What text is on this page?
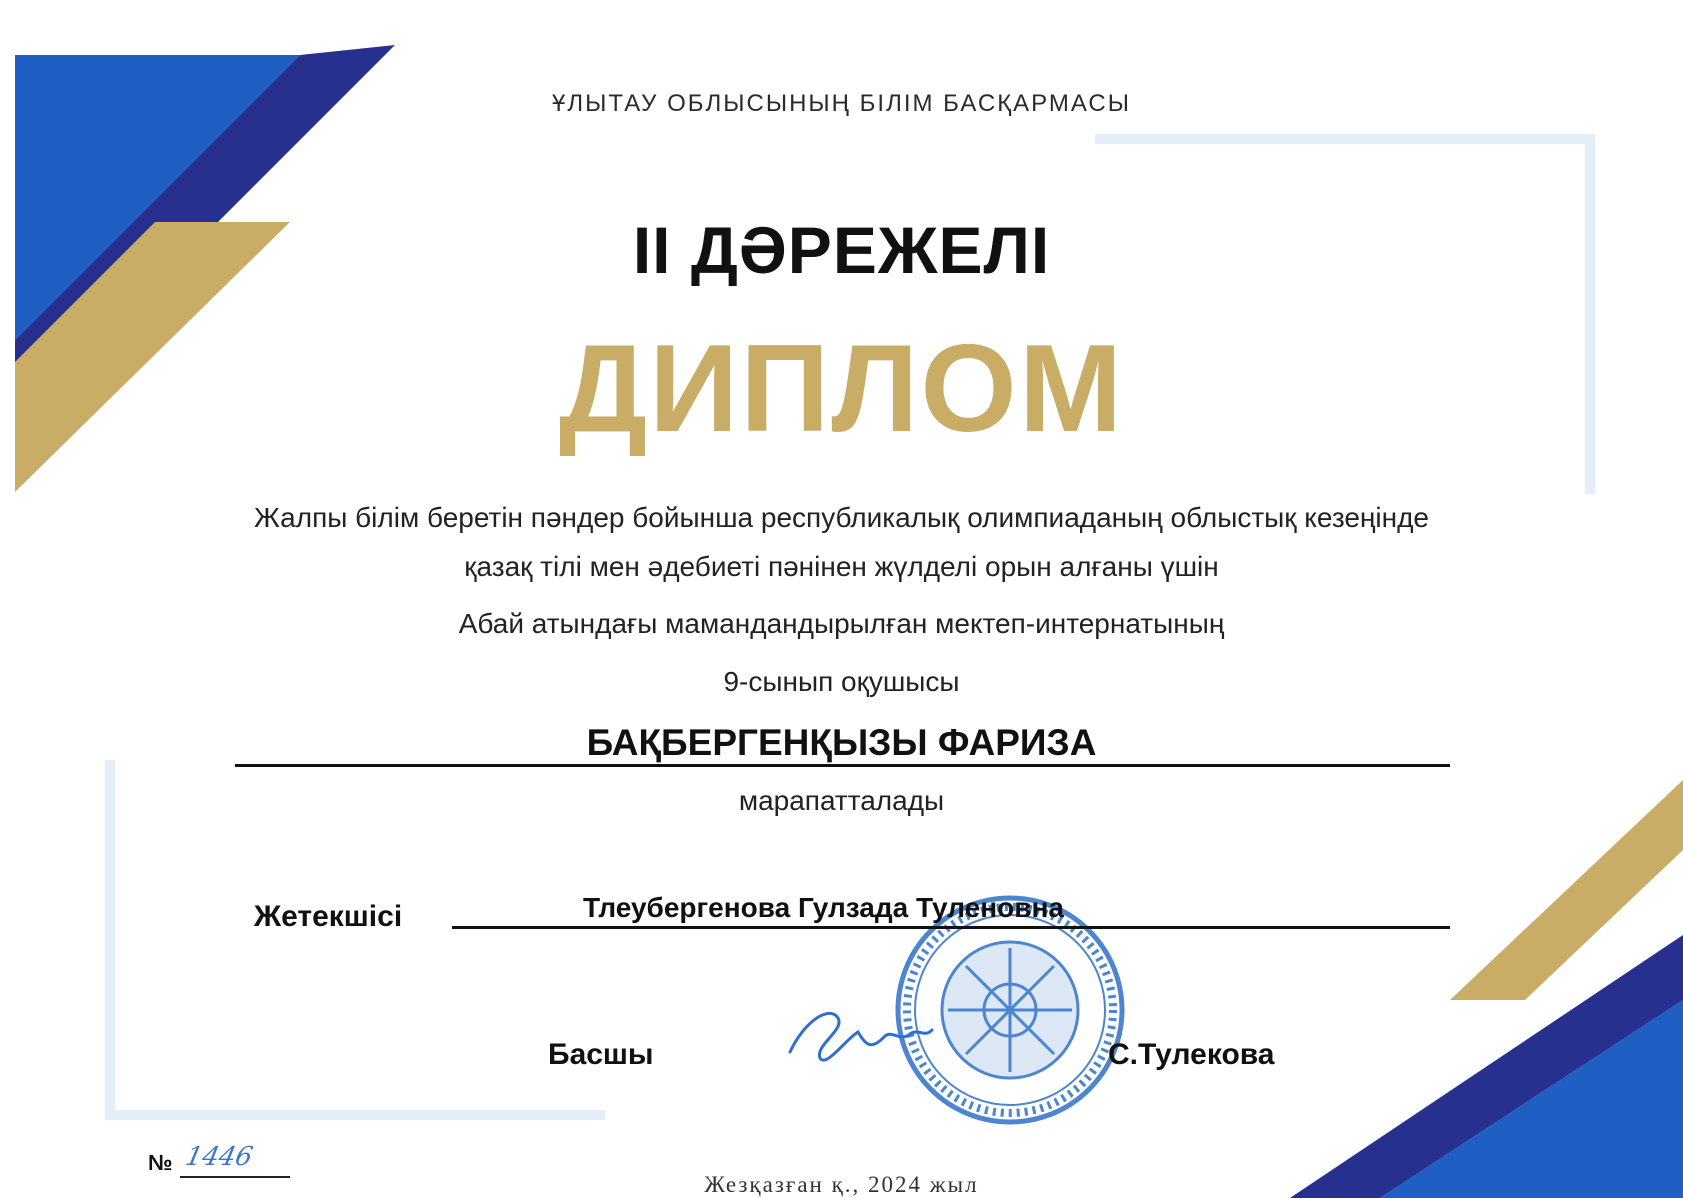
ҰЛЫТАУ ОБЛЫСЫНЫҢ БІЛІМ БАСҚАРМАСЫ
II ДӘРЕЖЕЛІ
ДИПЛОМ
Жалпы білім беретін пәндер бойынша республикалық олимпиаданың облыстық кезеңінде
қазақ тілі мен әдебиеті пәнінен жүлделі орын алғаны үшін
Абай атындағы мамандандырылған мектеп-интернатының
9-сынып оқушысы
БАҚБЕРГЕНҚЫЗЫ ФАРИЗА
марапатталады
Жетекшісі	Тлеубергенова Гулзада Туленовна
Басшы	С.Тулекова
№ 1446
Жезқазған қ., 2024 жыл
